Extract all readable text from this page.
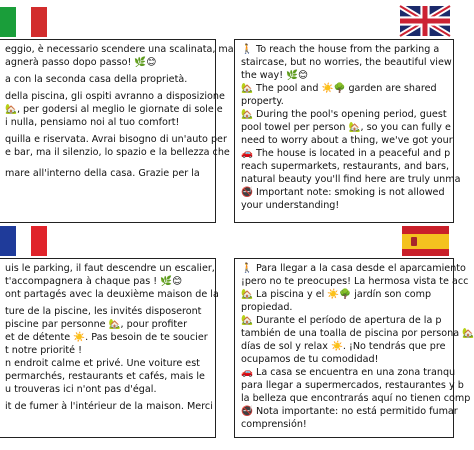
eggio, è necessario scendere una scalinata, ma

agnerà passo dopo passo! 🌿😊

a con la seconda casa della proprietà.

della piscina, gli ospiti avranno a disposizione

🏡, per godersi al meglio le giornate di sole e

i nulla, pensiamo noi al tuo comfort!

quilla e riservata. Avrai bisogno di un'auto per

e bar, ma il silenzio, lo spazio e la bellezza che

mare all'interno della casa. Grazie per la

🚶 To reach the house from the parking a

staircase, but no worries, the beautiful view

the way! 🌿😊

🏡 The pool and ☀️🌳 garden are shared

property.

🏡 During the pool's opening period, guest

pool towel per person 🏡, so you can fully e

need to worry about a thing, we've got your

🚗 The house is located in a peaceful and p

reach supermarkets, restaurants, and bars,

natural beauty you'll find here are truly unma

🚭 Important note: smoking is not allowed

your understanding!

uis le parking, il faut descendre un escalier,

t'accompagnera à chaque pas ! 🌿😊

ont partagés avec la deuxième maison de la

ture de la piscine, les invités disposeront

piscine par personne 🏡, pour profiter

et de détente ☀️. Pas besoin de te soucier

t notre priorité !

n endroit calme et privé. Une voiture est

permarchés, restaurants et cafés, mais le

u trouveras ici n'ont pas d'égal.

it de fumer à l'intérieur de la maison. Merci

🚶 Para llegar a la casa desde el aparcamiento

¡pero no te preocupes! La hermosa vista te acc

🏡 La piscina y el ☀️🌳 jardín son comp

propiedad.

🏡 Durante el período de apertura de la p

también de una toalla de piscina por persona 🏡

días de sol y relax ☀️. ¡No tendrás que pre

ocupamos de tu comodidad!

🚗 La casa se encuentra en una zona tranqu

para llegar a supermercados, restaurantes y b

la belleza que encontrarás aquí no tienen comp

🚭 Nota importante: no está permitido fumar

comprensión!
